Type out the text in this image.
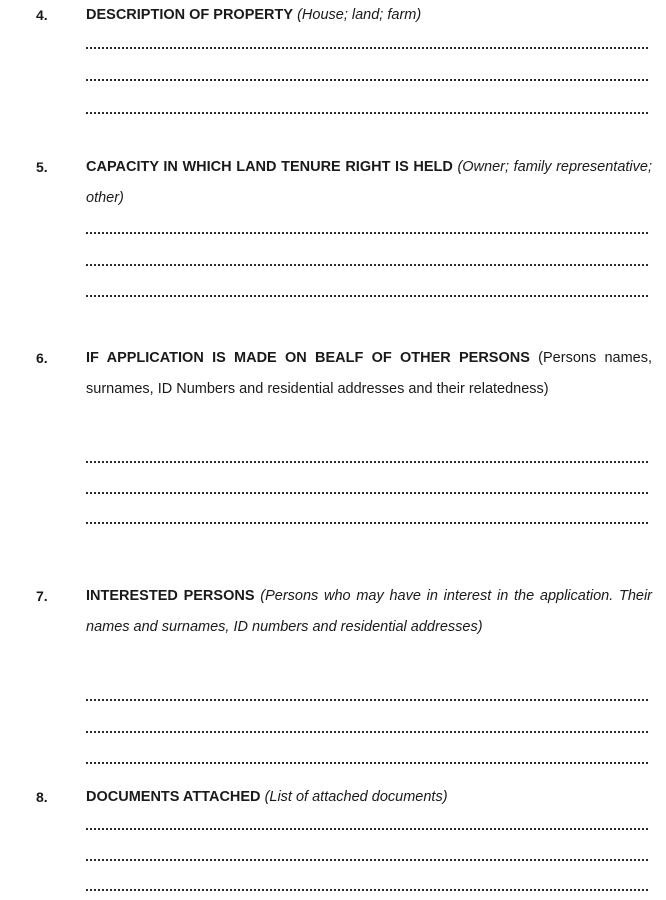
4.	DESCRIPTION OF PROPERTY (House; land; farm)
5.	CAPACITY IN WHICH LAND TENURE RIGHT IS HELD (Owner; family representative; other)
6.	IF APPLICATION IS MADE ON BEALF OF OTHER PERSONS (Persons names, surnames, ID Numbers and residential addresses and their relatedness)
7.	INTERESTED PERSONS (Persons who may have in interest in the application. Their names and surnames, ID numbers and residential addresses)
8.	DOCUMENTS ATTACHED (List of attached documents)
